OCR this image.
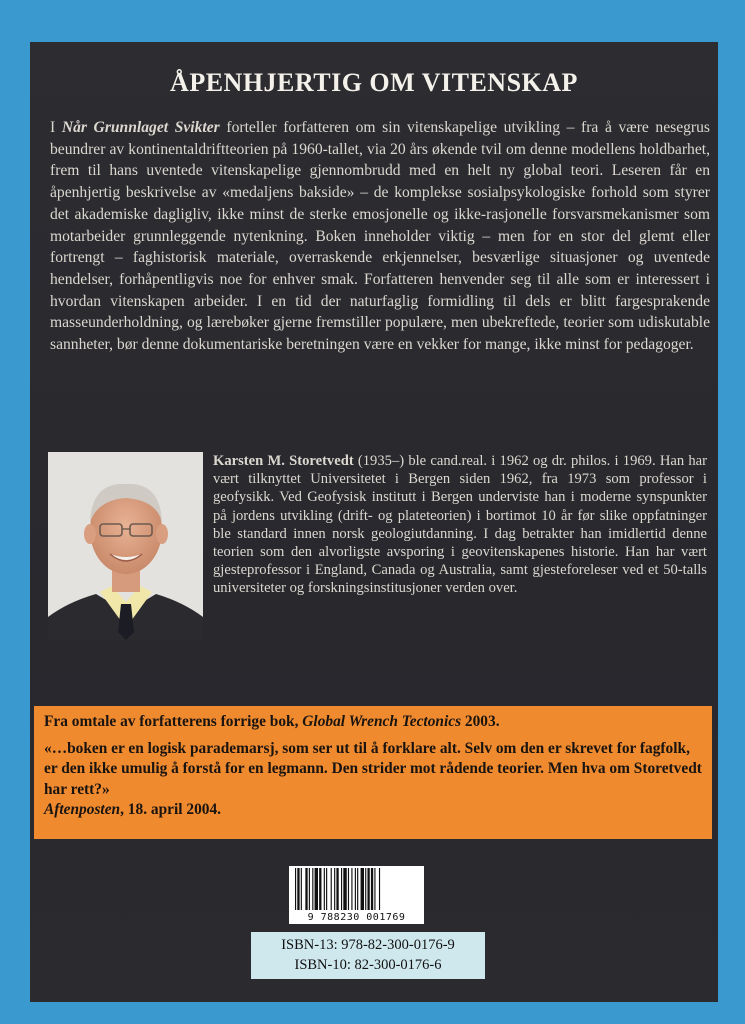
ÅPENHJERTIG OM VITENSKAP

I Når Grunnlaget Svikter forteller forfatteren om sin vitenskapelige utvikling – fra å være nesegrus beundrer av kontinentaldriftteorien på 1960-tallet, via 20 års økende tvil om denne modellens holdbarhet, frem til hans uventede vitenskapelige gjennombrudd med en helt ny global teori. Leseren får en åpenhjertig beskrivelse av «medaljens bakside» – de komplekse sosialpsykologiske forhold som styrer det akademiske dagligliv, ikke minst de sterke emosjonelle og ikke-rasjonelle forsvarsmekanismer som motarbeider grunnleggende nytenkning. Boken inneholder viktig – men for en stor del glemt eller fortrengt – faghistorisk materiale, overraskende erkjennelser, besværlige situasjoner og uventede hendelser, forhåpentligvis noe for enhver smak. Forfatteren henvender seg til alle som er interessert i hvordan vitenskapen arbeider. I en tid der naturfaglig formidling til dels er blitt fargesprakende masseunderholdning, og lærebøker gjerne fremstiller populære, men ubekreftede, teorier som udiskutable sannheter, bør denne dokumentariske beretningen være en vekker for mange, ikke minst for pedagoger.

Karsten M. Storetvedt (1935–) ble cand.real. i 1962 og dr. philos. i 1969. Han har vært tilknyttet Universitetet i Bergen siden 1962, fra 1973 som professor i geofysikk. Ved Geofysisk institutt i Bergen underviste han i moderne synspunkter på jordens utvikling (drift- og plateteorien) i bortimot 10 år før slike oppfatninger ble standard innen norsk geologiutdanning. I dag betrakter han imidlertid denne teorien som den alvorligste avsporing i geovitenskapenes historie. Han har vært gjesteprofessor i England, Canada og Australia, samt gjesteforeleser ved et 50-talls universiteter og forskningsinstitusjoner verden over.

Fra omtale av forfatterens forrige bok, Global Wrench Tectonics 2003.

«…boken er en logisk parademarsj, som ser ut til å forklare alt. Selv om den er skrevet for fagfolk, er den ikke umulig å forstå for en legmann. Den strider mot rådende teorier. Men hva om Storetvedt har rett?»

Aftenposten, 18. april 2004.

9 788230 001769
ISBN-13: 978-82-300-0176-9
ISBN-10: 82-300-0176-6
